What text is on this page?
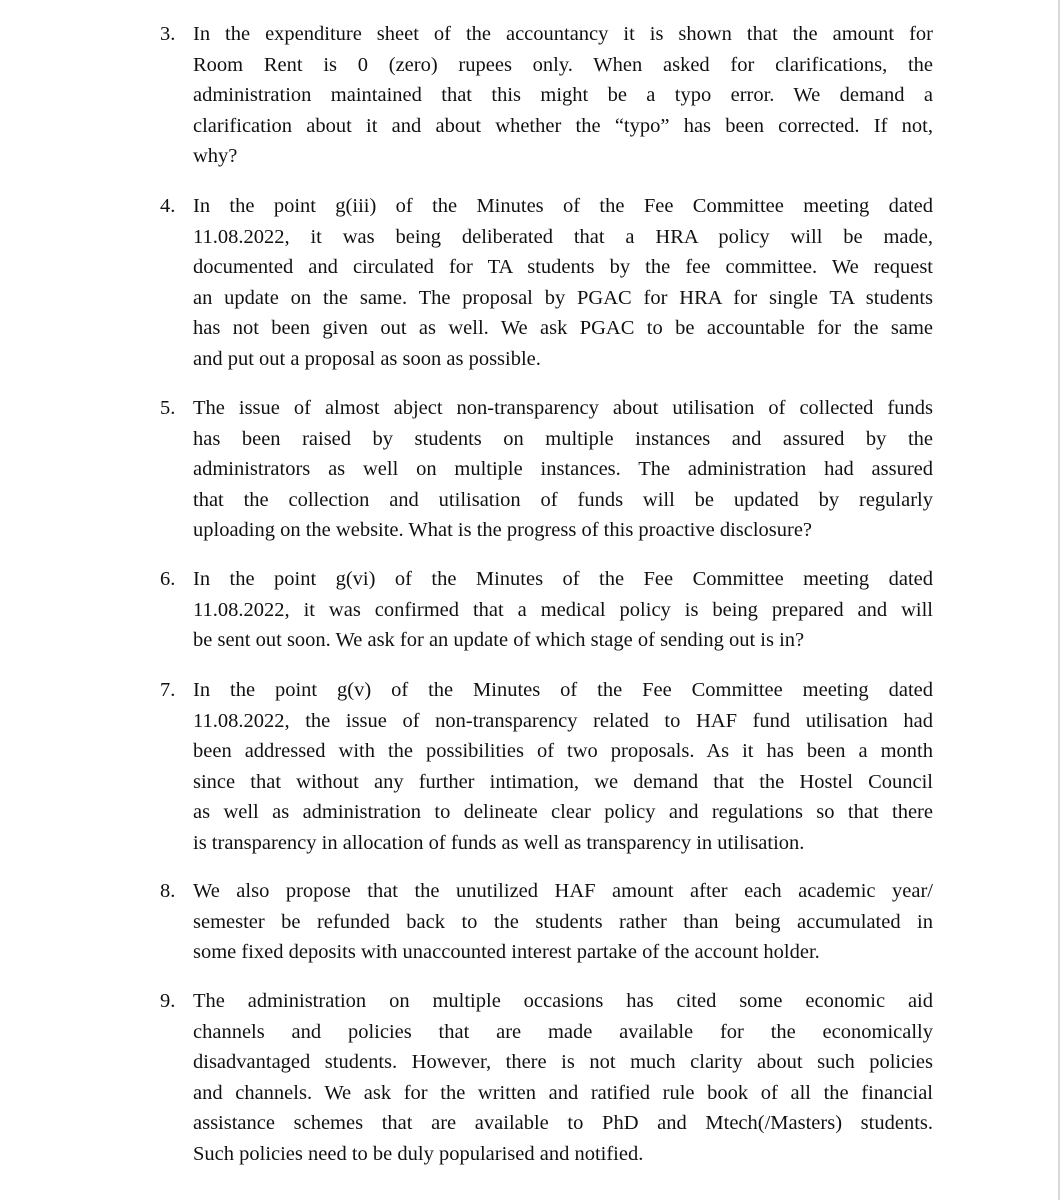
3. In the expenditure sheet of the accountancy it is shown that the amount for
Room Rent is 0 (zero) rupees only. When asked for clarifications, the
administration maintained that this might be a typo error. We demand a
clarification about it and about whether the “typo” has been corrected. If not,
why?
4. In the point g(iii) of the Minutes of the Fee Committee meeting dated
11.08.2022, it was being deliberated that a HRA policy will be made,
documented and circulated for TA students by the fee committee. We request
an update on the same. The proposal by PGAC for HRA for single TA students
has not been given out as well. We ask PGAC to be accountable for the same
and put out a proposal as soon as possible.
5. The issue of almost abject non-transparency about utilisation of collected funds
has been raised by students on multiple instances and assured by the
administrators as well on multiple instances. The administration had assured
that the collection and utilisation of funds will be updated by regularly
uploading on the website. What is the progress of this proactive disclosure?
6. In the point g(vi) of the Minutes of the Fee Committee meeting dated
11.08.2022, it was confirmed that a medical policy is being prepared and will
be sent out soon. We ask for an update of which stage of sending out is in?
7. In the point g(v) of the Minutes of the Fee Committee meeting dated
11.08.2022, the issue of non-transparency related to HAF fund utilisation had
been addressed with the possibilities of two proposals. As it has been a month
since that without any further intimation, we demand that the Hostel Council
as well as administration to delineate clear policy and regulations so that there
is transparency in allocation of funds as well as transparency in utilisation.
8. We also propose that the unutilized HAF amount after each academic year/
semester be refunded back to the students rather than being accumulated in
some fixed deposits with unaccounted interest partake of the account holder.
9. The administration on multiple occasions has cited some economic aid
channels and policies that are made available for the economically
disadvantaged students. However, there is not much clarity about such policies
and channels. We ask for the written and ratified rule book of all the financial
assistance schemes that are available to PhD and Mtech(/Masters) students.
Such policies need to be duly popularised and notified.
